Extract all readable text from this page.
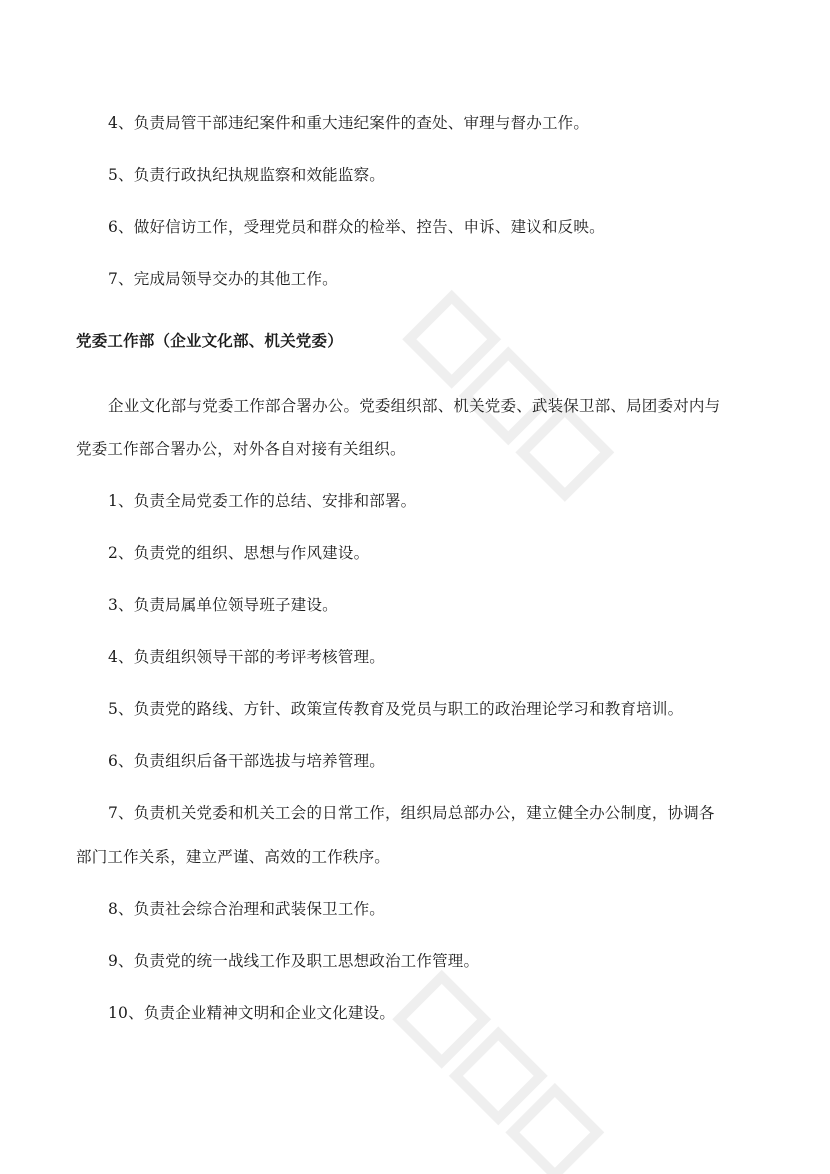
4、负责局管干部违纪案件和重大违纪案件的查处、审理与督办工作。
5、负责行政执纪执规监察和效能监察。
6、做好信访工作，受理党员和群众的检举、控告、申诉、建议和反映。
7、完成局领导交办的其他工作。
党委工作部（企业文化部、机关党委）
企业文化部与党委工作部合署办公。党委组织部、机关党委、武装保卫部、局团委对内与
党委工作部合署办公，对外各自对接有关组织。
1、负责全局党委工作的总结、安排和部署。
2、负责党的组织、思想与作风建设。
3、负责局属单位领导班子建设。
4、负责组织领导干部的考评考核管理。
5、负责党的路线、方针、政策宣传教育及党员与职工的政治理论学习和教育培训。
6、负责组织后备干部选拔与培养管理。
7、负责机关党委和机关工会的日常工作，组织局总部办公，建立健全办公制度，协调各
部门工作关系，建立严谨、高效的工作秩序。
8、负责社会综合治理和武装保卫工作。
9、负责党的统一战线工作及职工思想政治工作管理。
10、负责企业精神文明和企业文化建设。
